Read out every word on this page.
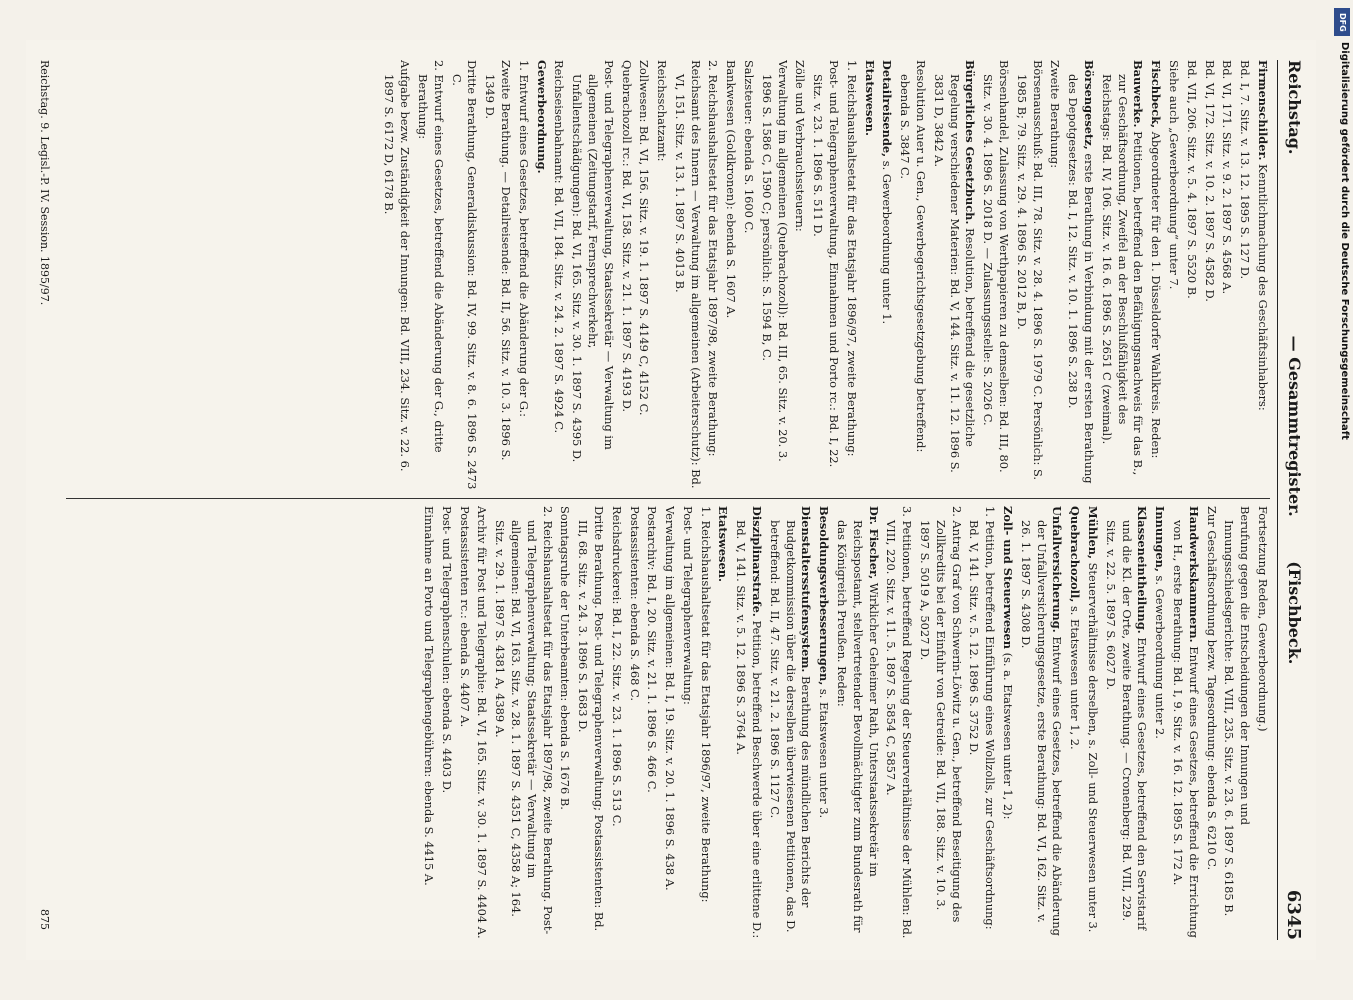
Reichstag.
— Gesammtregister.        (Fischbeck.
6345
Firmenschilder. Kenntlichmachung des Geschäftsinhabers:
Bd. I, 7. Sitz. v. 13. 12. 1895 S. 127 D.
Bd. VI, 171. Sitz. v. 9. 2. 1897 S. 4568 A.
Bd. VI, 172. Sitz. v. 10. 2. 1897 S. 4582 D.
Bd. VII, 206. Sitz. v. 5. 4. 1897 S. 5520 B.
Siehe auch „Gewerbeordnung“ unter 7.
Fischbeck, Abgeordneter für den 1. Düsseldorfer Wahlkreis. Reden:
Bauwerke. Petitionen, betreffend den Befähigungsnachweis für das B., zur Geschäftsordnung, Zweifel an der Beschlußfähigkeit des Reichstags: Bd. IV, 106. Sitz. v. 16. 6. 1896 S. 2651 C (zweimal).
Börsengesetz, erste Berathung in Verbindung mit der ersten Berathung des Depotgesetzes: Bd. I, 12. Sitz. v. 10. 1. 1896 S. 238 D.
Zweite Berathung:
Börsenausschuß: Bd. III, 78. Sitz. v. 28. 4. 1896 S. 1979 C. Persönlich: S. 1985 B; 79. Sitz. v. 29. 4. 1896 S. 2012 B, D.
Börsenhandel, Zulassung von Werthpapieren zu demselben: Bd. III, 80. Sitz. v. 30. 4. 1896 S. 2018 D. — Zulassungsstelle: S. 2026 C.
Bürgerliches Gesetzbuch. Resolution, betreffend die gesetzliche Regelung verschiedener Materien: Bd. V, 144. Sitz. v. 11. 12. 1896 S. 3831 D, 3842 A.
Resolution Auer u. Gen., Gewerbegerichtsgesetzgebung betreffend: ebenda S. 3847 C.
Detailreisende, s. Gewerbeordnung unter 1.
Etatswesen.
1. Reichshaushaltsetat für das Etatsjahr 1896/97, zweite Berathung:
Post- und Telegraphenverwaltung, Einnahmen und Porto rc.: Bd. I, 22. Sitz. v. 23. 1. 1896 S. 511 D.
Zölle und Verbrauchssteuern:
Verwaltung im allgemeinen (Quebrachozoll): Bd. III, 65. Sitz. v. 20. 3. 1896 S. 1586 C, 1590 C; persönlich: S. 1594 B, C.
Salzsteuer: ebenda S. 1600 C.
Bankwesen (Goldkronen): ebenda S. 1607 A.
2. Reichshaushaltsetat für das Etatsjahr 1897/98, zweite Berathung:
Reichsamt des Innern — Verwaltung im allgemeinen (Arbeiterschutz): Bd. VI, 151. Sitz. v. 13. 1. 1897 S. 4013 B.
Reichsschatzamt:
Zollwesen: Bd. VI, 156. Sitz. v. 19. 1. 1897 S. 4149 C, 4152 C.
Quebrachozoll rc.: Bd. VI, 158. Sitz. v. 21. 1. 1897 S. 4193 D.
Post- und Telegraphenverwaltung, Staatssekretär — Verwaltung im allgemeinen (Zeitungstarif, Fernsprechverkehr, Unfallentschädigungen): Bd. VI, 165. Sitz. v. 30. 1. 1897 S. 4395 D.
Reichseisenbahnamt: Bd. VII, 184. Sitz. v. 24. 2. 1897 S. 4924 C.
Gewerbeordnung.
1. Entwurf eines Gesetzes, betreffend die Abänderung der G.:
Zweite Berathung. — Detailreisende: Bd. II, 56. Sitz. v. 10. 3. 1896 S. 1349 D.
Dritte Berathung, Generaldiskussion: Bd. IV, 99. Sitz. v. 8. 6. 1896 S. 2473 C.
2. Entwurf eines Gesetzes, betreffend die Abänderung der G., dritte Berathung:
Aufgabe bezw. Zuständigkeit der Innungen: Bd. VIII, 234. Sitz. v. 22. 6. 1897 S. 6172 D, 6178 B.
Fortsetzung Reden, Gewerbeordnung.)
Berufung gegen die Entscheidungen der Innungen und Innungsschiedsgerichte: Bd. VIII, 235. Sitz. v. 23. 6. 1897 S. 6185 B.
Zur Geschäftsordnung bezw. Tagesordnung: ebenda S. 6210 C.
Handwerkskammern. Entwurf eines Gesetzes, betreffend die Errichtung von H., erste Berathung: Bd. I, 9. Sitz. v. 16. 12. 1895 S. 172 A.
Innungen, s. Gewerbeordnung unter 2.
Klasseneintheilung. Entwurf eines Gesetzes, betreffend den Servistarif und die Kl. der Orte, zweite Berathung. — Cronenberg: Bd. VIII, 229. Sitz. v. 22. 5. 1897 S. 6027 D.
Mühlen, Steuerverhältnisse derselben, s. Zoll- und Steuerwesen unter 3.
Quebrachozoll, s. Etatswesen unter 1, 2.
Unfallversicherung. Entwurf eines Gesetzes, betreffend die Abänderung der Unfallversicherungsgesetze, erste Berathung: Bd. VI, 162. Sitz. v. 26. 1. 1897 S. 4308 D.
Zoll- und Steuerwesen (s. a. Etatswesen unter 1, 2):
1. Petition, betreffend Einführung eines Wollzolls, zur Geschäftsordnung: Bd. V, 141. Sitz. v. 5. 12. 1896 S. 3752 D.
2. Antrag Graf von Schwerin-Löwitz u. Gen., betreffend Beseitigung des Zollkredits bei der Einfuhr von Getreide: Bd. VII, 188. Sitz. v. 10. 3. 1897 S. 5019 A, 5027 D.
3. Petitionen, betreffend Regelung der Steuerverhältnisse der Mühlen: Bd. VIII, 220. Sitz. v. 11. 5. 1897 S. 5854 C, 5857 A.
Dr. Fischer, Wirklicher Geheimer Rath, Unterstaatssekretär im Reichspostamt, stellvertretender Bevollmächtigter zum Bundesrath für das Königreich Preußen. Reden:
Besoldungsverbesserungen, s. Etatswesen unter 3.
Dienstaltersstufensystem. Berathung des mündlichen Berichts der Budgetkommission über die derselben überwiesenen Petitionen, das D. betreffend: Bd. II, 47. Sitz. v. 21. 2. 1896 S. 1127 C.
Disziplinarstrafe. Petition, betreffend Beschwerde über eine erlittene D.: Bd. V, 141. Sitz. v. 5. 12. 1896 S. 3764 A.
Etatswesen.
1. Reichshaushaltsetat für das Etatsjahr 1896/97, zweite Berathung:
Post- und Telegraphenverwaltung:
Verwaltung im allgemeinen: Bd. I, 19. Sitz. v. 20. 1. 1896 S. 438 A.
Postarchiv: Bd. I, 20. Sitz. v. 21. 1. 1896 S. 466 C.
Postassistenten: ebenda S. 468 C.
Reichsdruckerei: Bd. I, 22. Sitz. v. 23. 1. 1896 S. 513 C.
Dritte Berathung. Post- und Telegraphenverwaltung; Postassistenten: Bd. III, 68. Sitz. v. 24. 3. 1896 S. 1683 D.
Sonntagsruhe der Unterbeamten: ebenda S. 1676 B.
2. Reichshaushaltsetat für das Etatsjahr 1897/98, zweite Berathung. Post- und Telegraphenverwaltung; Staatssekretär — Verwaltung im allgemeinen: Bd. VI, 163. Sitz. v. 28. 1. 1897 S. 4351 C, 4358 A; 164. Sitz. v. 29. 1. 1897 S. 4381 A, 4389 A.
Archiv für Post und Telegraphie: Bd. VI, 165. Sitz. v. 30. 1. 1897 S. 4404 A.
Postassistenten rc.: ebenda S. 4407 A.
Post- und Telegraphenschulen: ebenda S. 4403 D.
Einnahme an Porto und Telegraphengebühren: ebenda S. 4415 A.
Reichstag. 9. Legisl.-P. IV. Session. 1895/97.
875
DFG
Digitalisierung gefördert durch die Deutsche Forschungsgemeinschaft
